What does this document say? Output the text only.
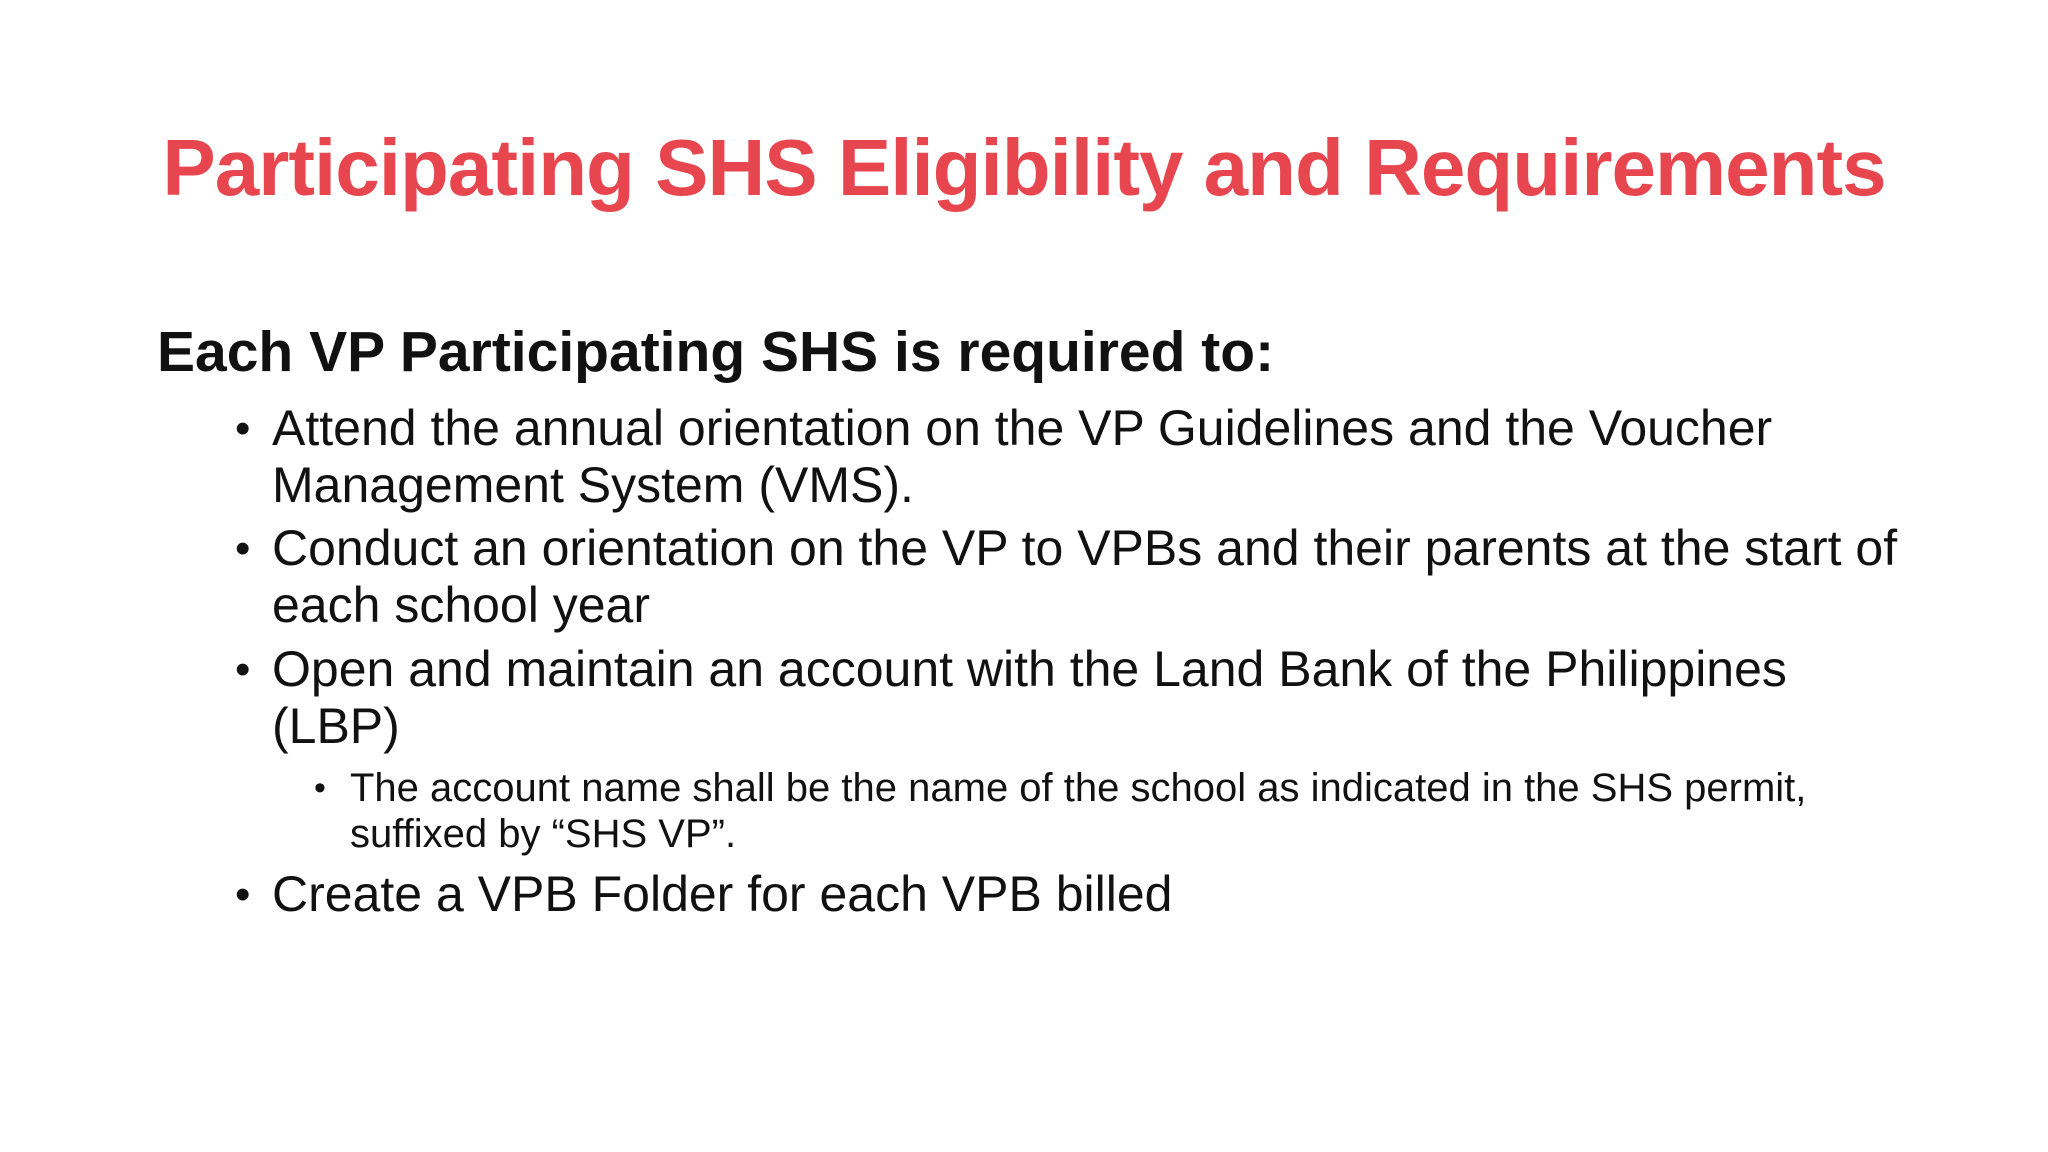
Participating SHS Eligibility and Requirements
Each VP Participating SHS is required to:
• Attend the annual orientation on the VP Guidelines and the Voucher Management System (VMS).
• Conduct an orientation on the VP to VPBs and their parents at the start of each school year
• Open and maintain an account with the Land Bank of the Philippines (LBP)
• The account name shall be the name of the school as indicated in the SHS permit, suffixed by “SHS VP”.
• Create a VPB Folder for each VPB billed
